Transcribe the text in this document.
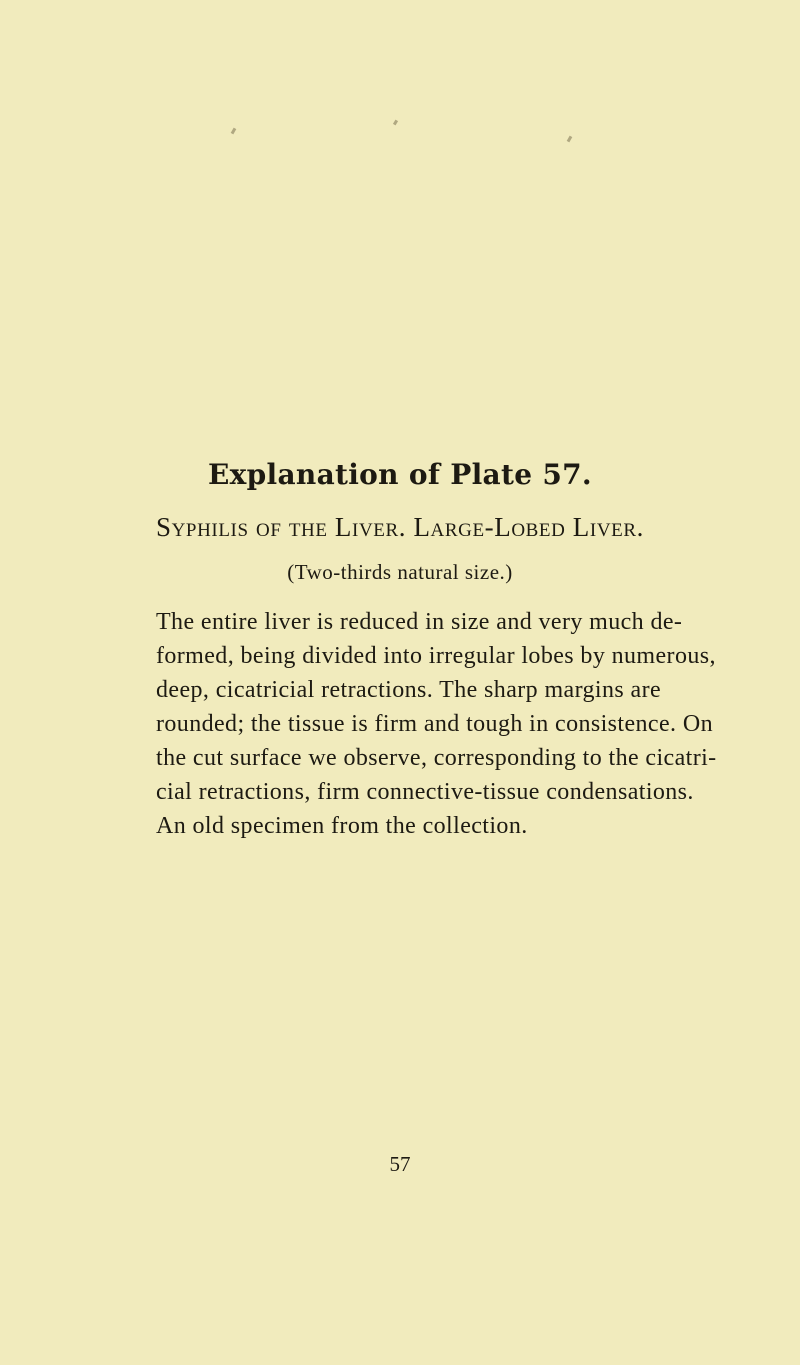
Explanation of Plate 57.
Syphilis of the Liver. Large-Lobed Liver.
(Two-thirds natural size.)
The entire liver is reduced in size and very much de-
formed, being divided into irregular lobes by numerous,
deep, cicatricial retractions. The sharp margins are
rounded; the tissue is firm and tough in consistence. On
the cut surface we observe, corresponding to the cicatri-
cial retractions, firm connective-tissue condensations.
An old specimen from the collection.
57
